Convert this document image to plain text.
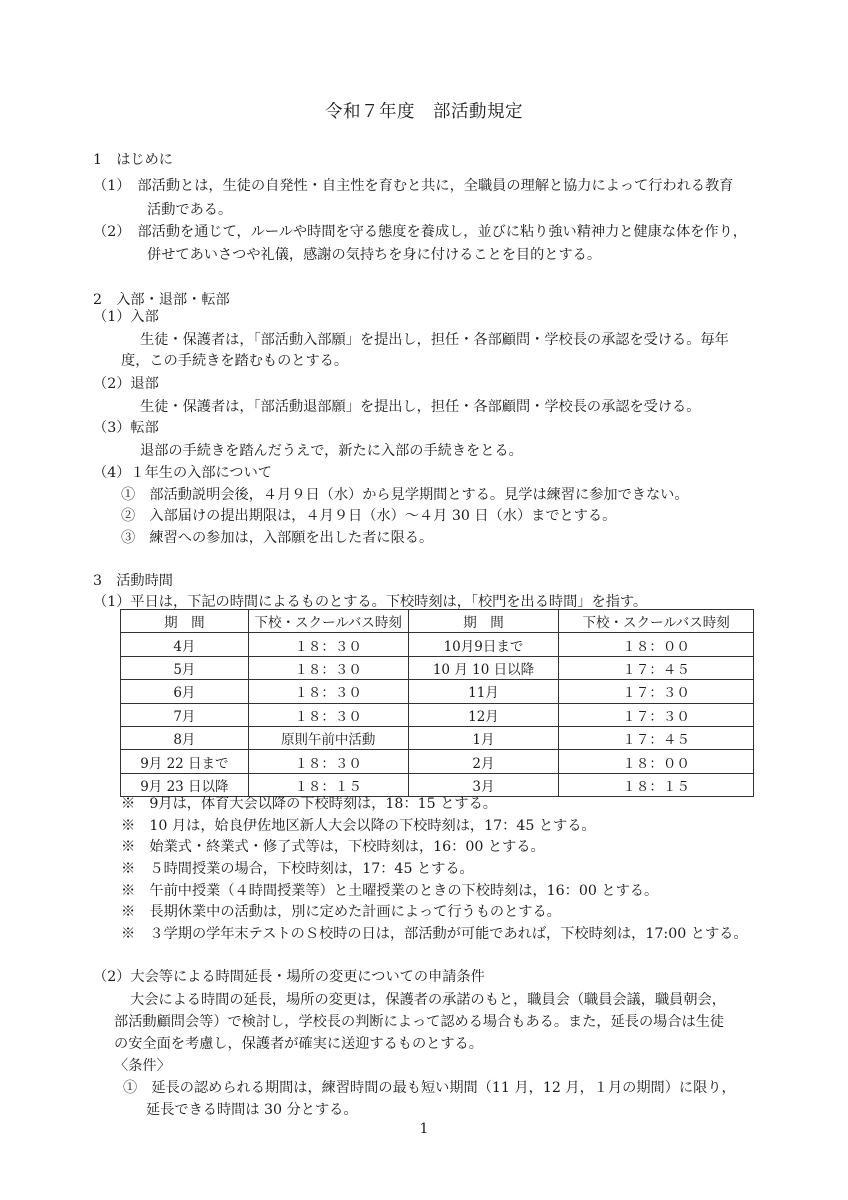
令和７年度　部活動規定
1　はじめに
（1）　部活動とは，生徒の自発性・自主性を育むと共に，全職員の理解と協力によって行われる教育
活動である。
（2）　部活動を通じて，ルールや時間を守る態度を養成し，並びに粘り強い精神力と健康な体を作り，
併せてあいさつや礼儀，感謝の気持ちを身に付けることを目的とする。
2　入部・退部・転部
（1）入部
生徒・保護者は，「部活動入部願」を提出し，担任・各部顧問・学校長の承認を受ける。毎年
度，この手続きを踏むものとする。
（2）退部
生徒・保護者は，「部活動退部願」を提出し，担任・各部顧問・学校長の承認を受ける。
（3）転部
退部の手続きを踏んだうえで，新たに入部の手続きをとる。
（4）１年生の入部について
①　部活動説明会後，４月９日（水）から見学期間とする。見学は練習に参加できない。
②　入部届けの提出期限は，４月９日（水）～４月 30 日（水）までとする。
③　練習への参加は，入部願を出した者に限る。
3　活動時間
（1）平日は，下記の時間によるものとする。下校時刻は，「校門を出る時間」を指す。
期　間	下校・スクールバス時刻	期　間	下校・スクールバス時刻
4月	１８：３０	10月9日まで	１８：００
5月	１８：３０	10 月 10 日以降	１７：４５
6月	１８：３０	11月	１７：３０
7月	１８：３０	12月	１７：３０
8月	原則午前中活動	1月	１７：４５
9月 22 日まで	１８：３０	2月	１８：００
9月 23 日以降	１８：１５	3月	１８：１５
※　9月は，体育大会以降の下校時刻は，18：15 とする。
※　10 月は，姶良伊佐地区新人大会以降の下校時刻は，17：45 とする。
※　始業式・終業式・修了式等は，下校時刻は，16：00 とする。
※　５時間授業の場合，下校時刻は，17：45 とする。
※　午前中授業（４時間授業等）と土曜授業のときの下校時刻は，16：00 とする。
※　長期休業中の活動は，別に定めた計画によって行うものとする。
※　３学期の学年末テストのＳ校時の日は，部活動が可能であれば，下校時刻は，17:00 とする。
（2）大会等による時間延長・場所の変更についての申請条件
大会による時間の延長，場所の変更は，保護者の承諾のもと，職員会（職員会議，職員朝会，
部活動顧問会等）で検討し，学校長の判断によって認める場合もある。また，延長の場合は生徒
の安全面を考慮し，保護者が確実に送迎するものとする。
〈条件〉
①　延長の認められる期間は，練習時間の最も短い期間（11 月，12 月，１月の期間）に限り，
延長できる時間は 30 分とする。
1
